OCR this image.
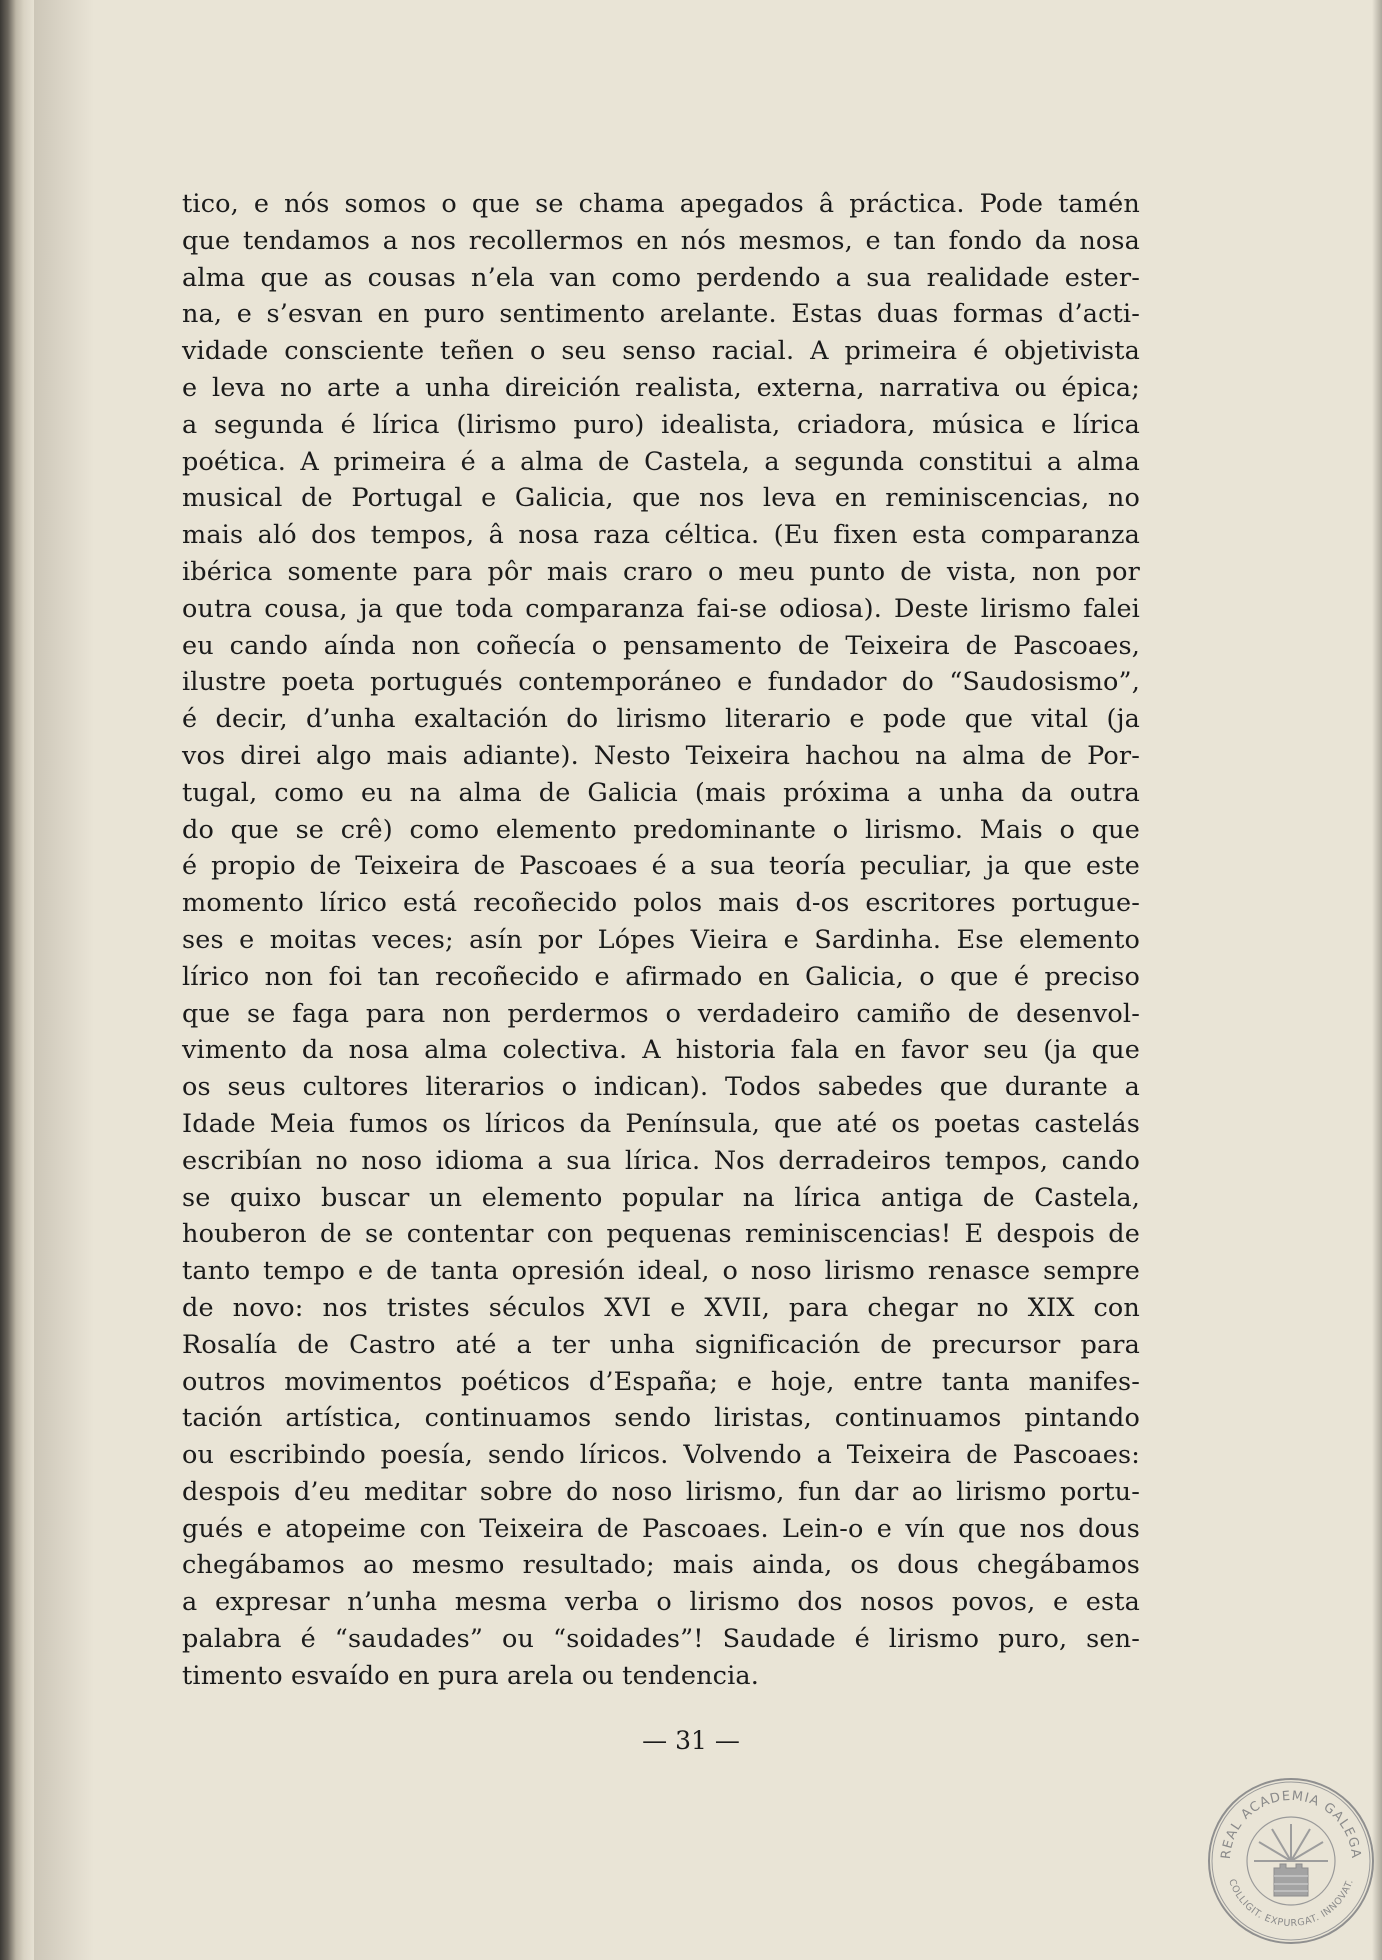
tico, e nós somos o que se chama apegados â práctica. Pode tamén
que tendamos a nos recollermos en nós mesmos, e tan fondo da nosa
alma que as cousas n’ela van como perdendo a sua realidade ester-
na, e s’esvan en puro sentimento arelante. Estas duas formas d’acti-
vidade consciente teñen o seu senso racial. A primeira é objetivista
e leva no arte a unha direición realista, externa, narrativa ou épica;
a segunda é lírica (lirismo puro) idealista, criadora, música e lírica
poética. A primeira é a alma de Castela, a segunda constitui a alma
musical de Portugal e Galicia, que nos leva en reminiscencias, no
mais aló dos tempos, â nosa raza céltica. (Eu fixen esta comparanza
ibérica somente para pôr mais craro o meu punto de vista, non por
outra cousa, ja que toda comparanza fai-se odiosa). Deste lirismo falei
eu cando aínda non coñecía o pensamento de Teixeira de Pascoaes,
ilustre poeta portugués contemporáneo e fundador do “Saudosismo”,
é decir, d’unha exaltación do lirismo literario e pode que vital (ja
vos direi algo mais adiante). Nesto Teixeira hachou na alma de Por-
tugal, como eu na alma de Galicia (mais próxima a unha da outra
do que se crê) como elemento predominante o lirismo. Mais o que
é propio de Teixeira de Pascoaes é a sua teoría peculiar, ja que este
momento lírico está recoñecido polos mais d-os escritores portugue-
ses e moitas veces; asín por Lópes Vieira e Sardinha. Ese elemento
lírico non foi tan recoñecido e afirmado en Galicia, o que é preciso
que se faga para non perdermos o verdadeiro camiño de desenvol-
vimento da nosa alma colectiva. A historia fala en favor seu (ja que
os seus cultores literarios o indican). Todos sabedes que durante a
Idade Meia fumos os líricos da Península, que até os poetas castelás
escribían no noso idioma a sua lírica. Nos derradeiros tempos, cando
se quixo buscar un elemento popular na lírica antiga de Castela,
houberon de se contentar con pequenas reminiscencias! E despois de
tanto tempo e de tanta opresión ideal, o noso lirismo renasce sempre
de novo: nos tristes séculos XVI e XVII, para chegar no XIX con
Rosalía de Castro até a ter unha significación de precursor para
outros movimentos poéticos d’España; e hoje, entre tanta manifes-
tación artística, continuamos sendo liristas, continuamos pintando
ou escribindo poesía, sendo líricos. Volvendo a Teixeira de Pascoaes:
despois d’eu meditar sobre do noso lirismo, fun dar ao lirismo portu-
gués e atopeime con Teixeira de Pascoaes. Lein-o e vín que nos dous
chegábamos ao mesmo resultado; mais ainda, os dous chegábamos
a expresar n’unha mesma verba o lirismo dos nosos povos, e esta
palabra é “saudades” ou “soidades”! Saudade é lirismo puro, sen-
timento esvaído en pura arela ou tendencia.
— 31 —
REAL ACADEMIA GALEGA
COLLIGIT. EXPURGAT. INNOVAT.
